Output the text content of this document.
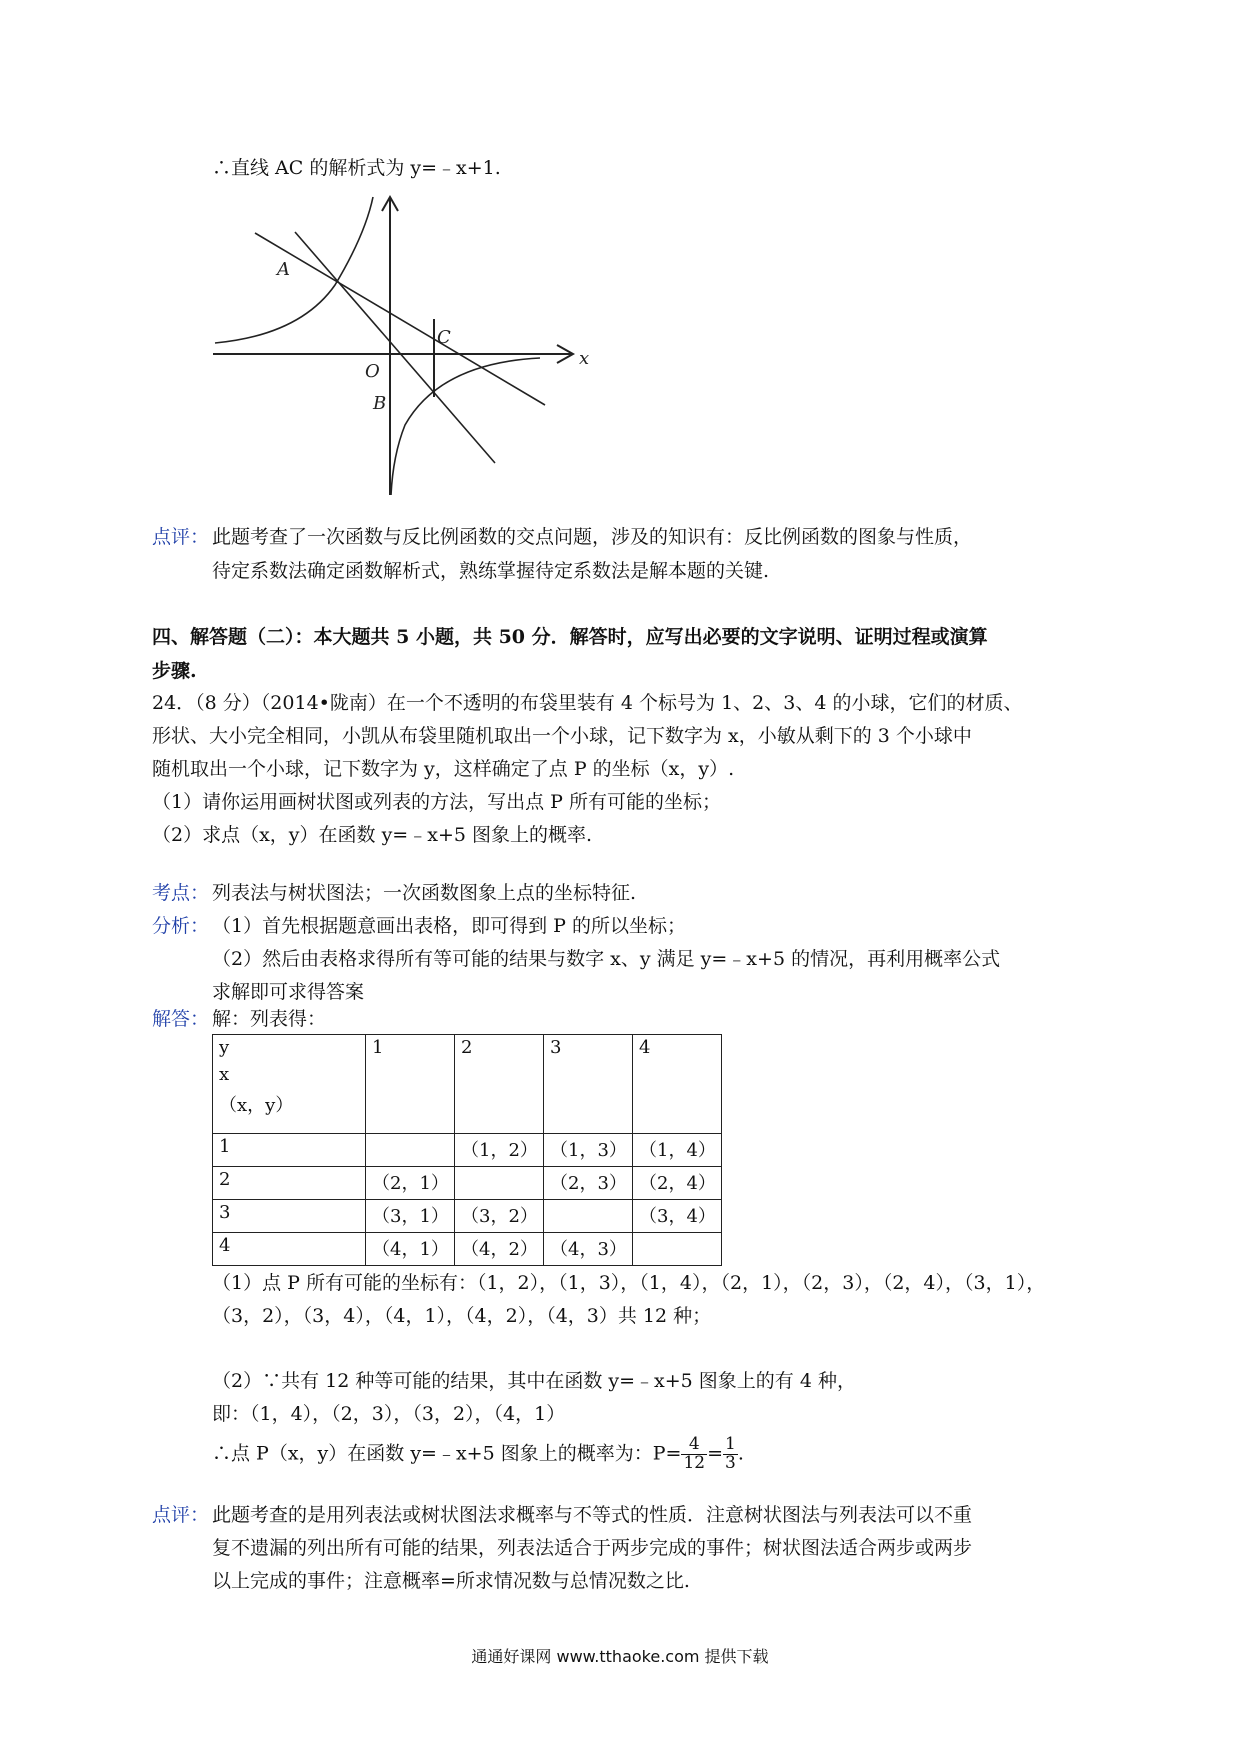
∴直线 AC 的解析式为 y=﹣x+1.
x
O
A
B
C
点评： 此题考查了一次函数与反比例函数的交点问题，涉及的知识有：反比例函数的图象与性质，
待定系数法确定函数解析式，熟练掌握待定系数法是解本题的关键.
四、解答题（二）：本大题共 5 小题，共 50 分．解答时，应写出必要的文字说明、证明过程或演算
步骤.
24．（8 分）（2014•陇南）在一个不透明的布袋里装有 4 个标号为 1、2、3、4 的小球，它们的材质、
形状、大小完全相同，小凯从布袋里随机取出一个小球，记下数字为 x，小敏从剩下的 3 个小球中
随机取出一个小球，记下数字为 y，这样确定了点 P 的坐标（x，y）.
（1）请你运用画树状图或列表的方法，写出点 P 所有可能的坐标；
（2）求点（x，y）在函数 y=﹣x+5 图象上的概率.
考点： 列表法与树状图法；一次函数图象上点的坐标特征.
分析： （1）首先根据题意画出表格，即可得到 P 的所以坐标；
（2）然后由表格求得所有等可能的结果与数字 x、y 满足 y=﹣x+5 的情况，再利用概率公式
求解即可求得答案
解答： 解：列表得：
y
x
（x，y）	1	2	3	4
1		（1，2）	（1，3）	（1，4）
2	（2，1）		（2，3）	（2，4）
3	（3，1）	（3，2）		（3，4）
4	（4，1）	（4，2）	（4，3）	
（1）点 P 所有可能的坐标有：（1，2），（1，3），（1，4），（2，1），（2，3），（2，4），（3，1），
（3，2），（3，4），（4，1），（4，2），（4，3）共 12 种；
（2）∵共有 12 种等可能的结果，其中在函数 y=﹣x+5 图象上的有 4 种，
即：（1，4），（2，3），（3，2），（4，1）
∴点 P（x，y）在函数 y=﹣x+5 图象上的概率为：$P= \frac{4}{12} = \frac{1}{3}$ .
点评： 此题考查的是用列表法或树状图法求概率与不等式的性质．注意树状图法与列表法可以不重
复不遗漏的列出所有可能的结果，列表法适合于两步完成的事件；树状图法适合两步或两步
以上完成的事件；注意概率=所求情况数与总情况数之比.
通通好课网 www.tthaoke.com 提供下载
